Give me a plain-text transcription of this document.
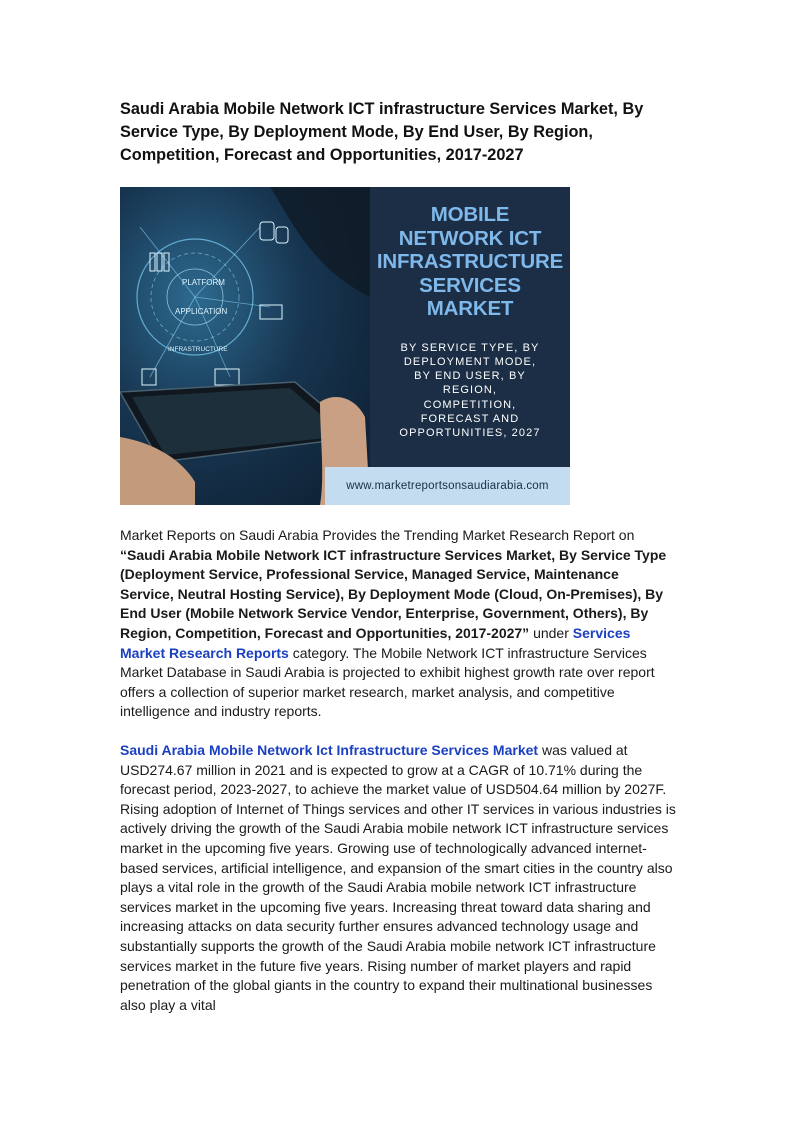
Saudi Arabia Mobile Network ICT infrastructure Services Market, By Service Type, By Deployment Mode, By End User, By Region, Competition, Forecast and Opportunities, 2017-2027
PLATFORM
APPLICATION
INFRASTRUCTURE
MOBILE
NETWORK ICT
INFRASTRUCTURE
SERVICES
MARKET
BY SERVICE TYPE, BY
DEPLOYMENT MODE,
BY END USER, BY
REGION,
COMPETITION,
FORECAST AND
OPPORTUNITIES, 2027
www.marketreportsonsaudiarabia.com

Market Reports on Saudi Arabia Provides the Trending Market Research Report on “Saudi Arabia Mobile Network ICT infrastructure Services Market, By Service Type (Deployment Service, Professional Service, Managed Service, Maintenance Service, Neutral Hosting Service), By Deployment Mode (Cloud, On-Premises), By End User (Mobile Network Service Vendor, Enterprise, Government, Others), By Region, Competition, Forecast and Opportunities, 2017-2027” under Services Market Research Reports category. The Mobile Network ICT infrastructure Services Market Database in Saudi Arabia is projected to exhibit highest growth rate over report offers a collection of superior market research, market analysis, and competitive intelligence and industry reports.

Saudi Arabia Mobile Network Ict Infrastructure Services Market was valued at USD274.67 million in 2021 and is expected to grow at a CAGR of 10.71% during the forecast period, 2023-2027, to achieve the market value of USD504.64 million by 2027F. Rising adoption of Internet of Things services and other IT services in various industries is actively driving the growth of the Saudi Arabia mobile network ICT infrastructure services market in the upcoming five years. Growing use of technologically advanced internet-based services, artificial intelligence, and expansion of the smart cities in the country also plays a vital role in the growth of the Saudi Arabia mobile network ICT infrastructure services market in the upcoming five years. Increasing threat toward data sharing and increasing attacks on data security further ensures advanced technology usage and substantially supports the growth of the Saudi Arabia mobile network ICT infrastructure services market in the future five years. Rising number of market players and rapid penetration of the global giants in the country to expand their multinational businesses also play a vital
